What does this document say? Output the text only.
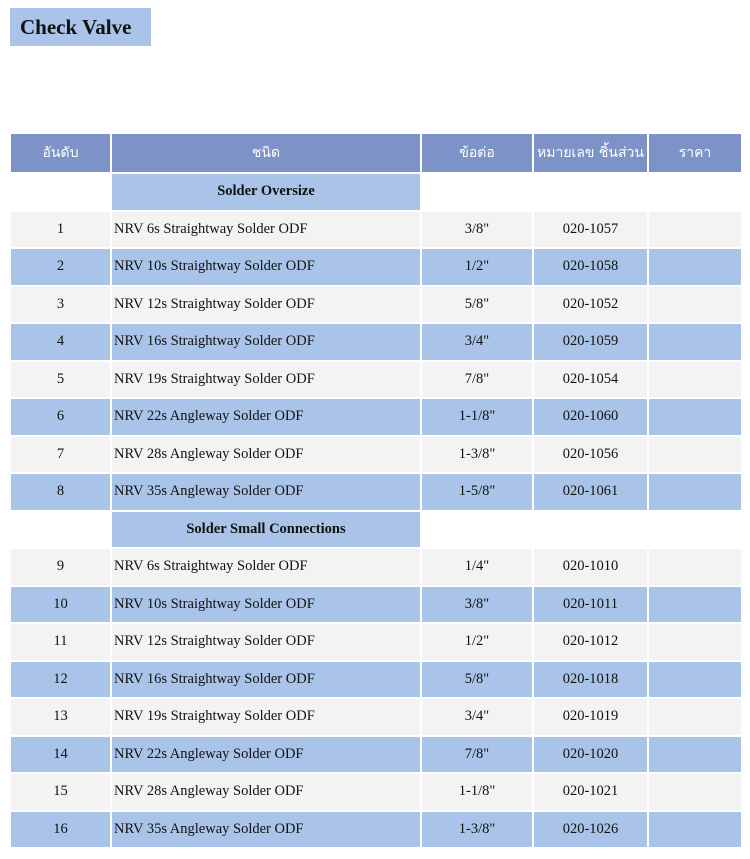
Check Valve
อันดับ	ชนิด	ข้อต่อ	หมายเลข ชิ้นส่วน	ราคา
	Solder Oversize			
1	NRV 6s Straightway Solder ODF	3/8"	020-1057	
2	NRV 10s Straightway Solder ODF	1/2"	020-1058	
3	NRV 12s Straightway Solder ODF	5/8"	020-1052	
4	NRV 16s Straightway Solder ODF	3/4"	020-1059	
5	NRV 19s Straightway Solder ODF	7/8"	020-1054	
6	NRV 22s Angleway Solder ODF	1-1/8"	020-1060	
7	NRV 28s Angleway Solder ODF	1-3/8"	020-1056	
8	NRV 35s Angleway Solder ODF	1-5/8"	020-1061	
	Solder Small Connections			
9	NRV 6s Straightway Solder ODF	1/4"	020-1010	
10	NRV 10s Straightway Solder ODF	3/8"	020-1011	
11	NRV 12s Straightway Solder ODF	1/2"	020-1012	
12	NRV 16s Straightway Solder ODF	5/8"	020-1018	
13	NRV 19s Straightway Solder ODF	3/4"	020-1019	
14	NRV 22s Angleway Solder ODF	7/8"	020-1020	
15	NRV 28s Angleway Solder ODF	1-1/8"	020-1021	
16	NRV 35s Angleway Solder ODF	1-3/8"	020-1026	
